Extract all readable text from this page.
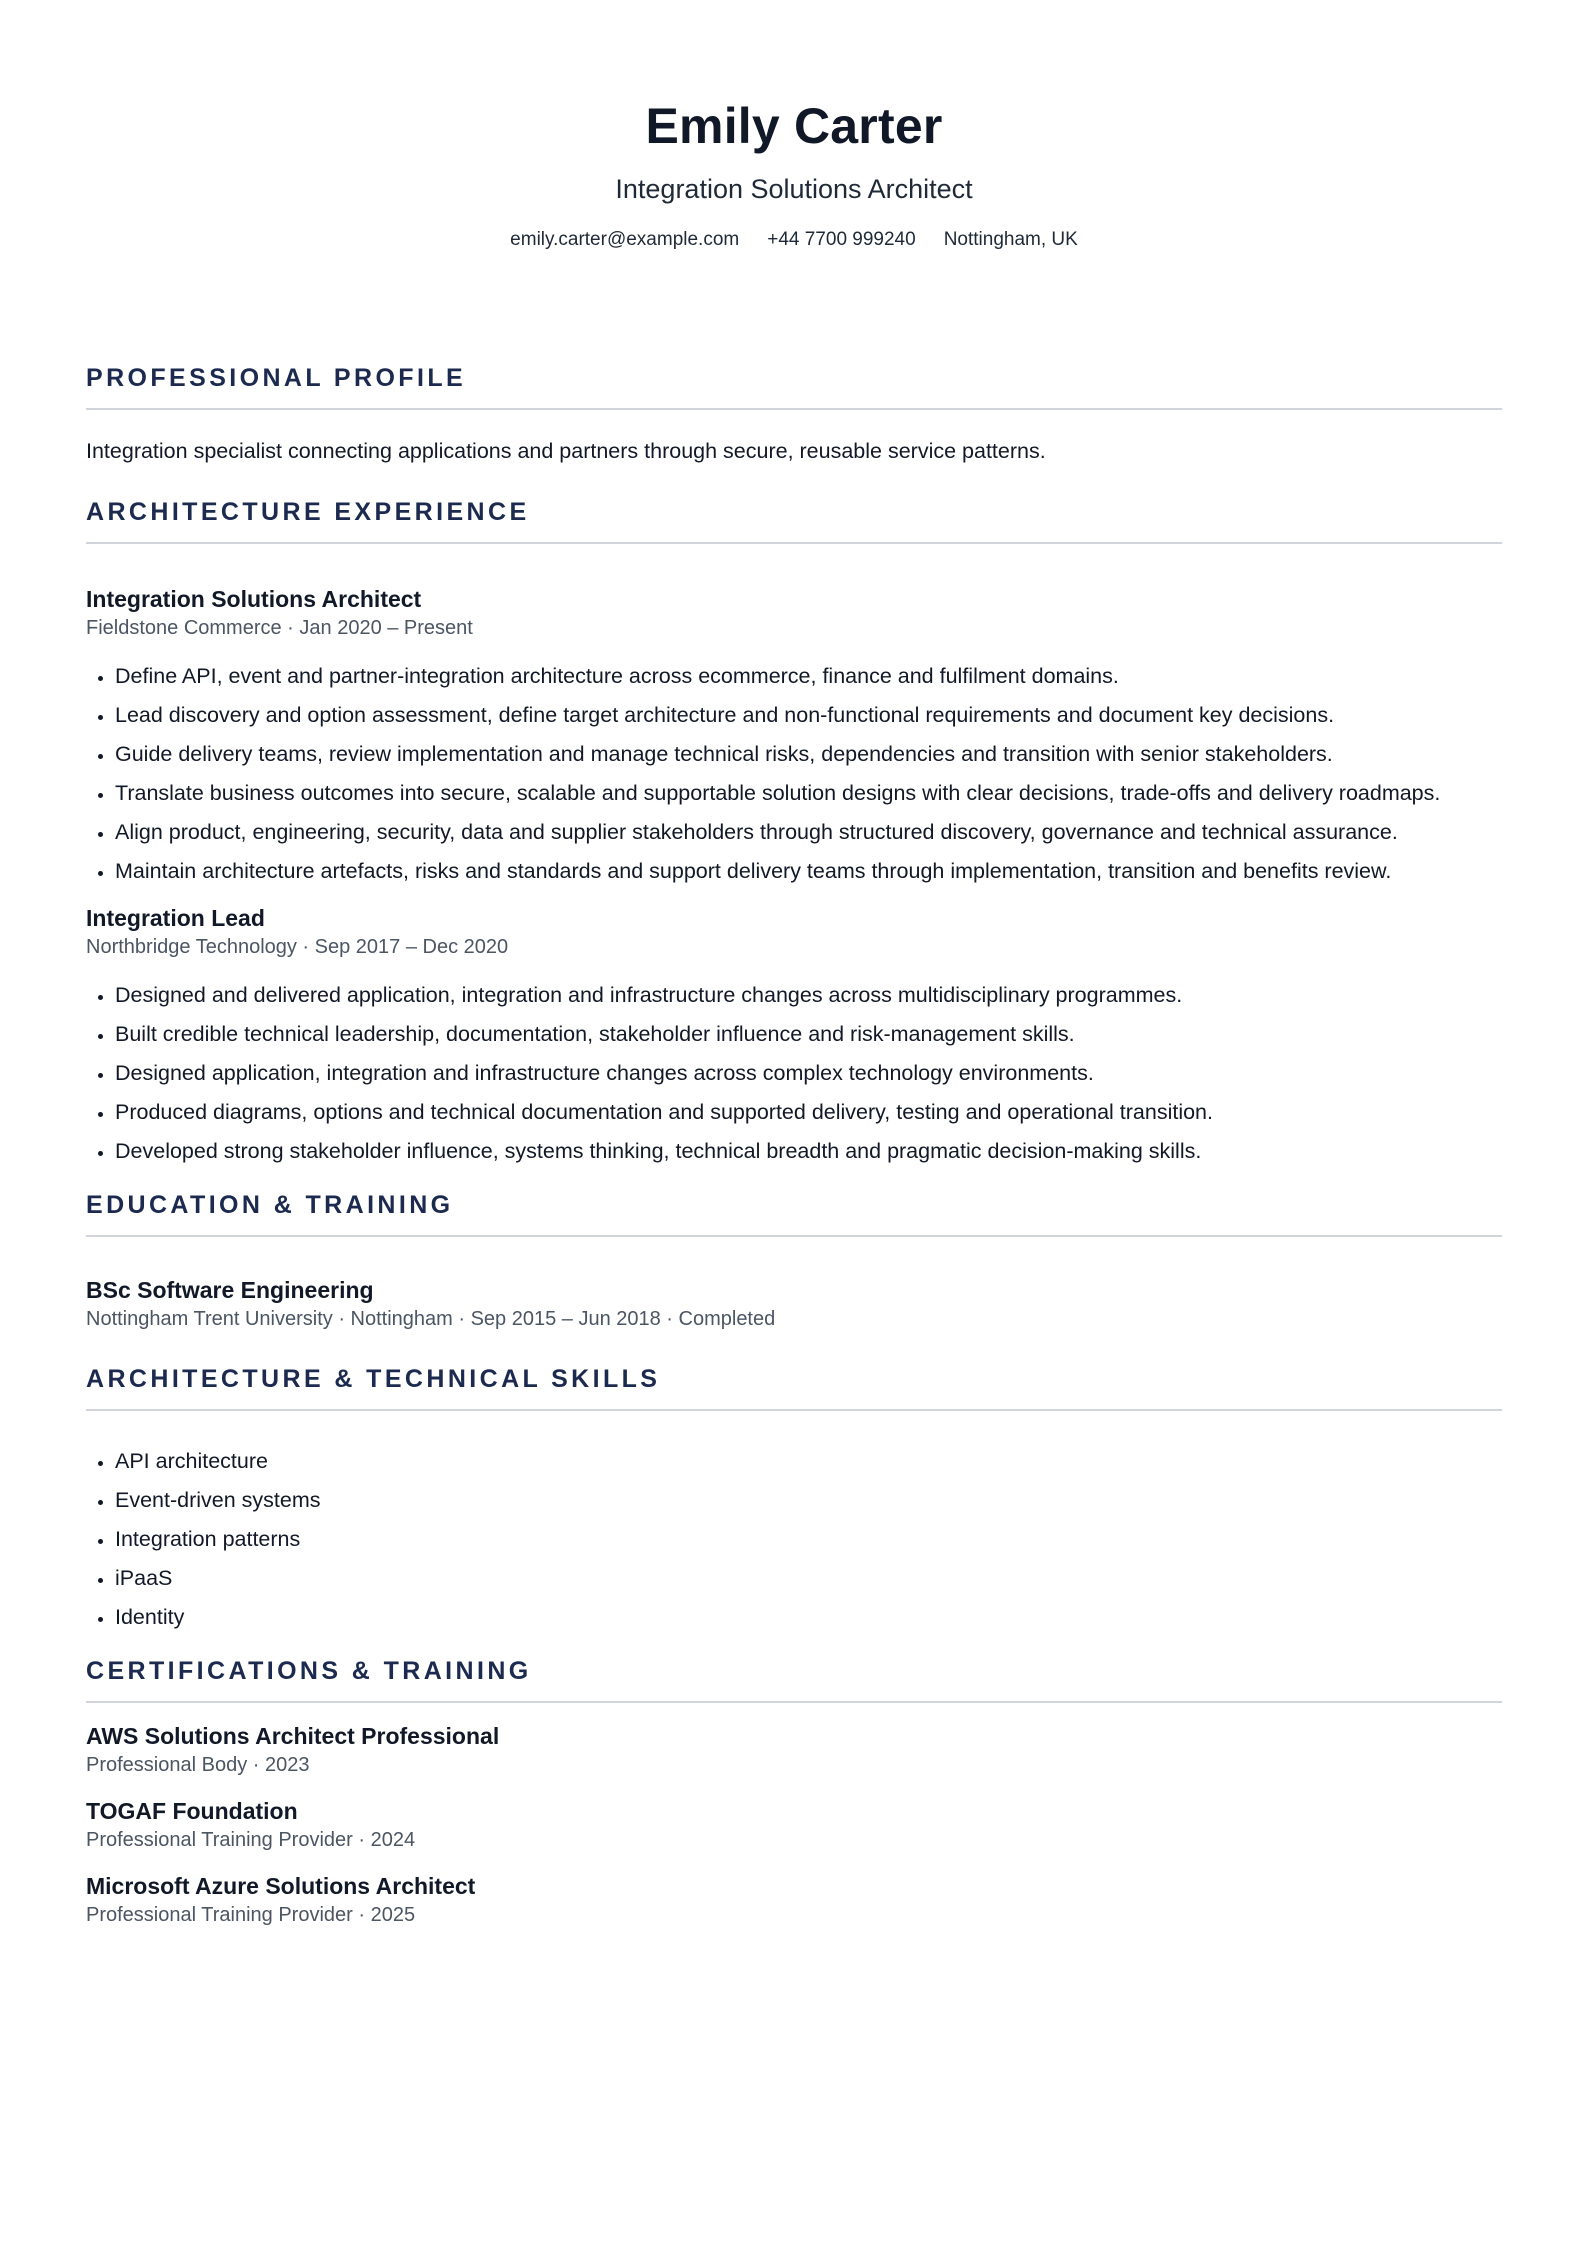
Emily Carter
Integration Solutions Architect
emily.carter@example.com +44 7700 999240 Nottingham, UK
PROFESSIONAL PROFILE
Integration specialist connecting applications and partners through secure, reusable service patterns.
ARCHITECTURE EXPERIENCE
Integration Solutions Architect
Fieldstone Commerce · Jan 2020 – Present
• Define API, event and partner-integration architecture across ecommerce, finance and fulfilment domains.
• Lead discovery and option assessment, define target architecture and non-functional requirements and document key decisions.
• Guide delivery teams, review implementation and manage technical risks, dependencies and transition with senior stakeholders.
• Translate business outcomes into secure, scalable and supportable solution designs with clear decisions, trade-offs and delivery roadmaps.
• Align product, engineering, security, data and supplier stakeholders through structured discovery, governance and technical assurance.
• Maintain architecture artefacts, risks and standards and support delivery teams through implementation, transition and benefits review.
Integration Lead
Northbridge Technology · Sep 2017 – Dec 2020
• Designed and delivered application, integration and infrastructure changes across multidisciplinary programmes.
• Built credible technical leadership, documentation, stakeholder influence and risk-management skills.
• Designed application, integration and infrastructure changes across complex technology environments.
• Produced diagrams, options and technical documentation and supported delivery, testing and operational transition.
• Developed strong stakeholder influence, systems thinking, technical breadth and pragmatic decision-making skills.
EDUCATION & TRAINING
BSc Software Engineering
Nottingham Trent University · Nottingham · Sep 2015 – Jun 2018 · Completed
ARCHITECTURE & TECHNICAL SKILLS
• API architecture
• Event-driven systems
• Integration patterns
• iPaaS
• Identity
CERTIFICATIONS & TRAINING
AWS Solutions Architect Professional
Professional Body · 2023
TOGAF Foundation
Professional Training Provider · 2024
Microsoft Azure Solutions Architect
Professional Training Provider · 2025
